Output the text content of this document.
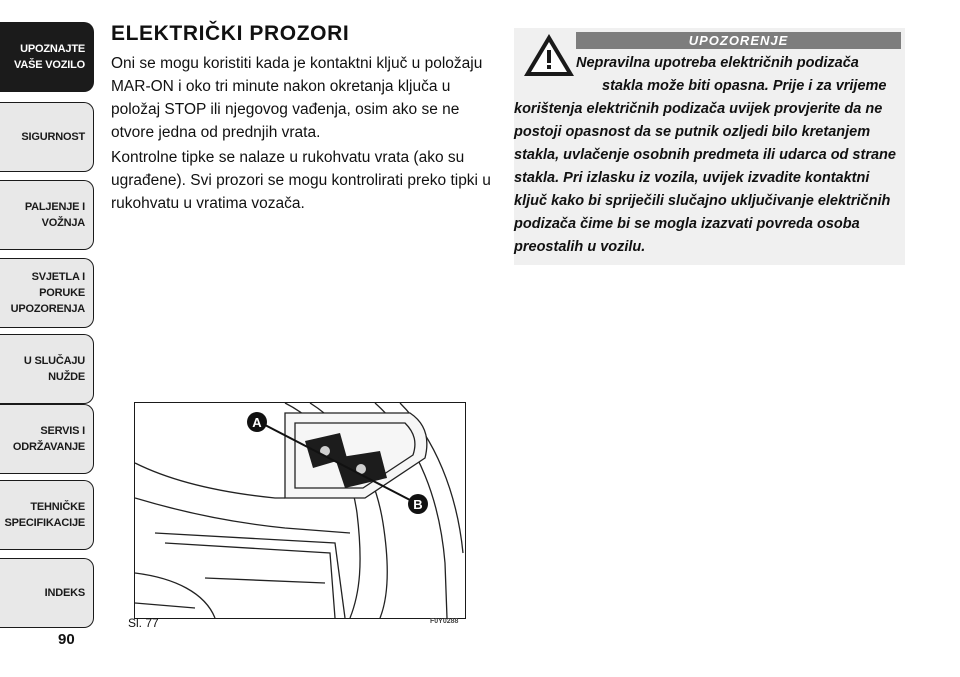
UPOZNAJTE
VAŠE VOZILO
SIGURNOST
PALJENJE I
VOŽNJA
SVJETLA I PORUKE
UPOZORENJA
U SLUČAJU
NUŽDE
SERVIS I
ODRŽAVANJE
TEHNIČKE
SPECIFIKACIJE
INDEKS
90
ELEKTRIČKI PROZORI

Oni se mogu koristiti kada je kontaktni ključ u položaju MAR-ON i oko tri minute nakon okretanja ključa u položaj STOP ili njegovog vađenja, osim ako se ne otvore jedna od prednjih vrata.

Kontrolne tipke se nalaze u rukohvatu vrata (ako su ugrađene). Svi prozori se mogu kontrolirati preko tipki u rukohvatu u vratima vozača.

UPOZORENJE

Nepravilna upotreba električnih podizača
stakla može biti opasna. Prije i za vrijeme
korištenja električnih podizača uvijek provjerite da ne postoji opasnost da se putnik ozljedi bilo kretanjem stakla, uvlačenje osobnih predmeta ili udarca od strane stakla. Pri izlasku iz vozila, uvijek izvadite kontaktni ključ kako bi spriječili slučajno uključivanje električnih podizača čime bi se mogla izazvati povreda osoba preostalih u vozilu.

A
B
Sl. 77	F0Y0288
